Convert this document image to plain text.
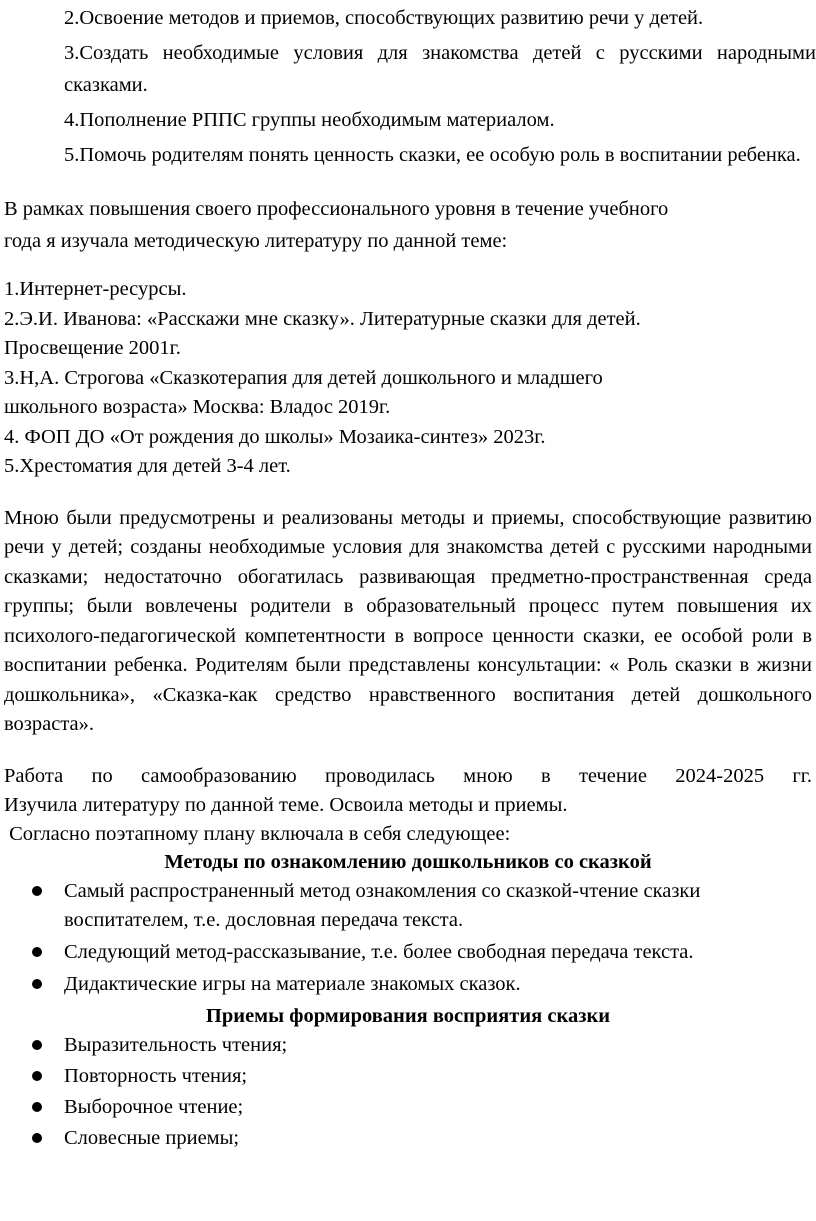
2.Освоение методов и приемов, способствующих развитию речи у детей.

3.Создать необходимые условия для знакомства детей с русскими народными сказками.

4.Пополнение РППС группы необходимым материалом.

5.Помочь родителям понять ценность сказки, ее особую роль в воспитании ребенка.

В рамках повышения своего профессионального уровня в течение учебного

года я изучала методическую литературу по данной теме:

1.Интернет-ресурсы.

2.Э.И. Иванова: «Расскажи мне сказку». Литературные сказки для детей.

Просвещение 2001г.

3.Н,А. Строгова «Сказкотерапия для детей дошкольного и младшего

школьного возраста» Москва: Владос 2019г.

4. ФОП ДО «От рождения до школы» Мозаика-синтез» 2023г.

5.Хрестоматия для детей 3-4 лет.

Мною были предусмотрены и реализованы методы и приемы, способствующие развитию речи у детей; созданы необходимые условия для знакомства детей с русскими народными сказками; недостаточно обогатилась развивающая предметно-пространственная среда группы; были вовлечены родители в образовательный процесс путем повышения их психолого-педагогической компетентности в вопросе ценности сказки, ее особой роли в воспитании ребенка. Родителям были представлены консультации: « Роль сказки в жизни дошкольника», «Сказка-как средство нравственного воспитания детей дошкольного возраста».

Работа по самообразованию проводилась мною в течение 2024-2025 гг.

Изучила литературу по данной теме. Освоила методы и приемы.

Согласно поэтапному плану включала в себя следующее:

Методы по ознакомлению дошкольников со сказкой

Самый распространенный метод ознакомления со сказкой-чтение сказки воспитателем, т.е. дословная передача текста.
Следующий метод-рассказывание, т.е. более свободная передача текста.
Дидактические игры на материале знакомых сказок.

Приемы формирования восприятия сказки

Выразительность чтения;
Повторность чтения;
Выборочное чтение;
Словесные приемы;
